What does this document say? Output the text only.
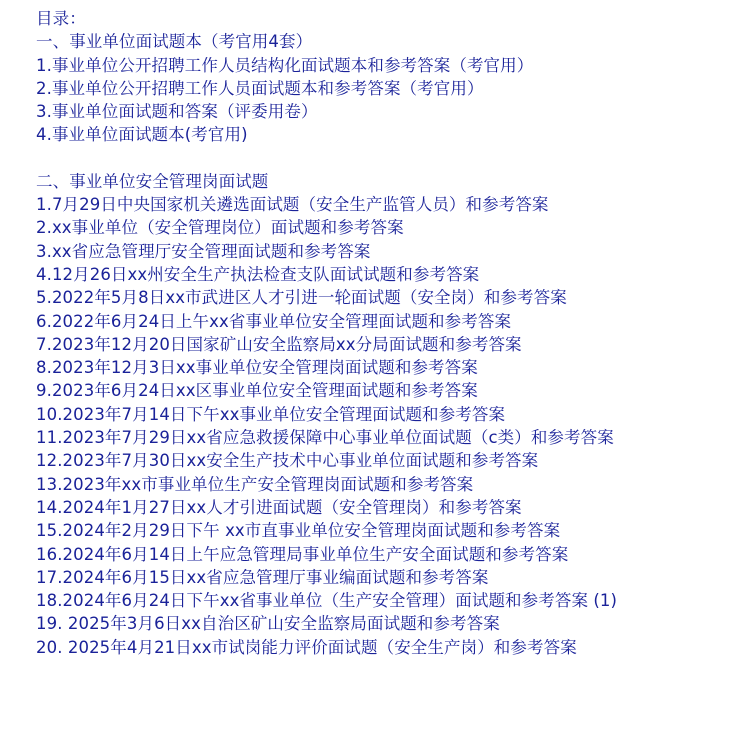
目录：
一、事业单位面试题本（考官用4套）
1.事业单位公开招聘工作人员结构化面试题本和参考答案（考官用）
2.事业单位公开招聘工作人员面试题本和参考答案（考官用）
3.事业单位面试题和答案（评委用卷）
4.事业单位面试题本(考官用)
二、事业单位安全管理岗面试题
1.7月29日中央国家机关遴选面试题（安全生产监管人员）和参考答案
2.xx事业单位（安全管理岗位）面试题和参考答案
3.xx省应急管理厅安全管理面试题和参考答案
4.12月26日xx州安全生产执法检查支队面试试题和参考答案
5.2022年5月8日xx市武进区人才引进一轮面试题（安全岗）和参考答案
6.2022年6月24日上午xx省事业单位安全管理面试题和参考答案
7.2023年12月20日国家矿山安全监察局xx分局面试题和参考答案
8.2023年12月3日xx事业单位安全管理岗面试题和参考答案
9.2023年6月24日xx区事业单位安全管理面试题和参考答案
10.2023年7月14日下午xx事业单位安全管理面试题和参考答案
11.2023年7月29日xx省应急救援保障中心事业单位面试题（c类）和参考答案
12.2023年7月30日xx安全生产技术中心事业单位面试题和参考答案
13.2023年xx市事业单位生产安全管理岗面试题和参考答案
14.2024年1月27日xx人才引进面试题（安全管理岗）和参考答案
15.2024年2月29日下午 xx市直事业单位安全管理岗面试题和参考答案
16.2024年6月14日上午应急管理局事业单位生产安全面试题和参考答案
17.2024年6月15日xx省应急管理厅事业编面试题和参考答案
18.2024年6月24日下午xx省事业单位（生产安全管理）面试题和参考答案 (1)
19. 2025年3月6日xx自治区矿山安全监察局面试题和参考答案
20. 2025年4月21日xx市试岗能力评价面试题（安全生产岗）和参考答案
